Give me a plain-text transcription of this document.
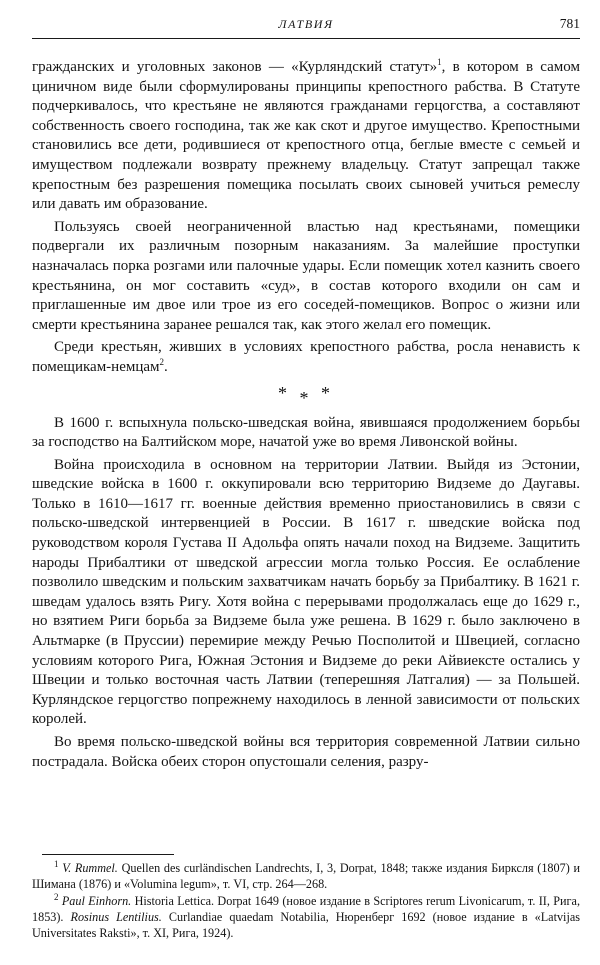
ЛАТВИЯ	781

гражданских и уголовных законов — «Курляндский статут»$^1$, в котором в самом циничном виде были сформулированы принципы крепостного рабства. В Статуте подчеркивалось, что крестьяне не являются гражданами герцогства, а составляют собственность своего господина, так же как скот и другое имущество. Крепостными становились все дети, родившиеся от крепостного отца, беглые вместе с семьей и имуществом подлежали возврату прежнему владельцу. Статут запрещал также крепостным без разрешения помещика посылать своих сыновей учиться ремеслу или давать им образование.

Пользуясь своей неограниченной властью над крестьянами, помещики подвергали их различным позорным наказаниям. За малейшие проступки назначалась порка розгами или палочные удары. Если помещик хотел казнить своего крестьянина, он мог составить «суд», в состав которого входили он сам и приглашенные им двое или трое из его соседей-помещиков. Вопрос о жизни или смерти крестьянина заранее решался так, как этого желал его помещик.

Среди крестьян, живших в условиях крепостного рабства, росла ненависть к помещикам-немцам$^2$.

* * *

В 1600 г. вспыхнула польско-шведская война, явившаяся продолжением борьбы за господство на Балтийском море, начатой уже во время Ливонской войны.

Война происходила в основном на территории Латвии. Выйдя из Эстонии, шведские войска в 1600 г. оккупировали всю территорию Видземе до Даугавы. Только в 1610—1617 гг. военные действия временно приостановились в связи с польско-шведской интервенцией в России. В 1617 г. шведские войска под руководством короля Густава II Адольфа опять начали поход на Видземе. Защитить народы Прибалтики от шведской агрессии могла только Россия. Ее ослабление позволило шведским и польским захватчикам начать борьбу за Прибалтику. В 1621 г. шведам удалось взять Ригу. Хотя война с перерывами продолжалась еще до 1629 г., но взятием Риги борьба за Видземе была уже решена. В 1629 г. было заключено в Альтмарке (в Пруссии) перемирие между Речью Посполитой и Швецией, согласно условиям которого Рига, Южная Эстония и Видземе до реки Айвиексте остались у Швеции и только восточная часть Латвии (теперешняя Латгалия) — за Польшей. Курляндское герцогство попрежнему находилось в ленной зависимости от польских королей.

Во время польско-шведской войны вся территория современной Латвии сильно пострадала. Войска обеих сторон опустошали селения, разру-

$^1$ V. Rummel. Quellen des curländischen Landrechts, I, 3, Dorpat, 1848; также издания Бирксля (1807) и Шимана (1876) и «Volumina legum», т. VI, стр. 264—268.

$^2$ Paul Einhorn. Historia Lettica. Dorpat 1649 (новое издание в Scriptores rerum Livonicarum, т. II, Рига, 1853). Rosinus Lentilius. Curlandiae quaedam Notabilia, Нюренберг 1692 (новое издание в «Latvijas Universitates Raksti», т. XI, Рига, 1924).
